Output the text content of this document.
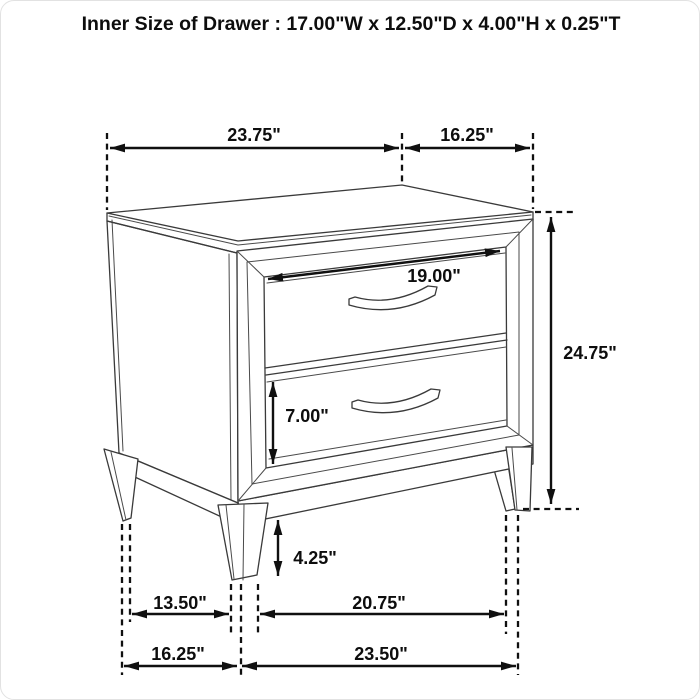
Inner Size of Drawer : 17.00"W x 12.50"D x 4.00"H x 0.25"T
23.75"	16.25"
19.00"
24.75"
7.00"
4.25"
13.50"	20.75"
16.25"	23.50"
